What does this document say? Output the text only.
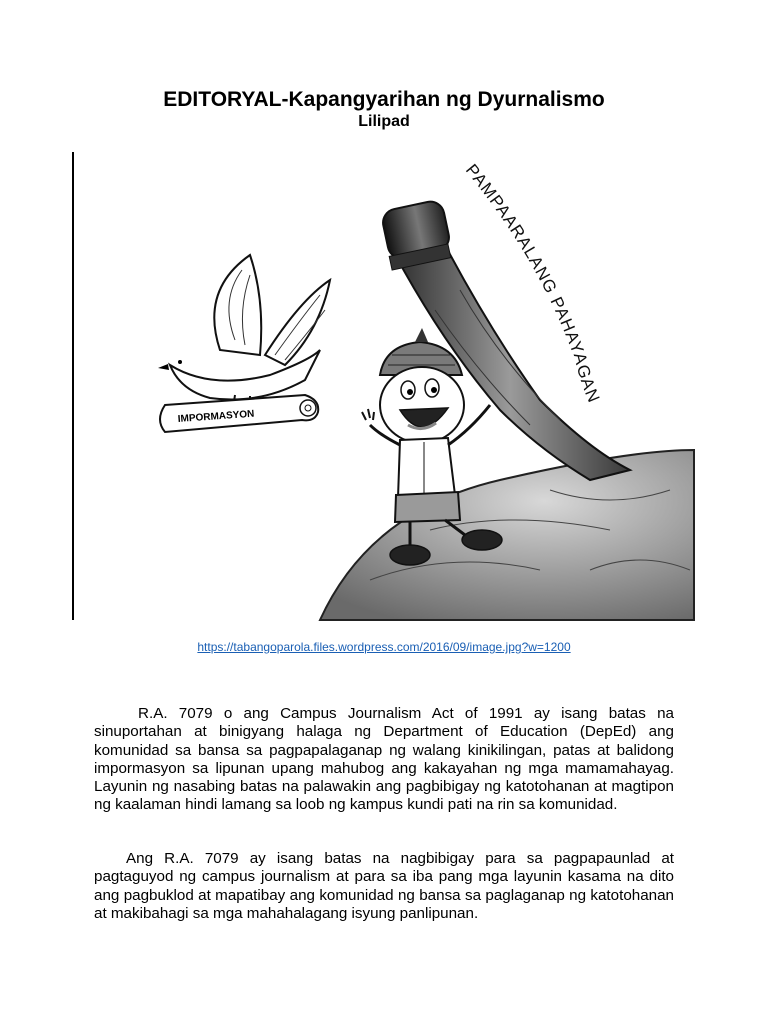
EDITORYAL-Kapangyarihan ng Dyurnalismo
Lilipad
PAMPAARALANG PAHAYAGAN
IMPORMASYON
https://tabangoparola.files.wordpress.com/2016/09/image.jpg?w=1200

R.A. 7079 o ang Campus Journalism Act of 1991 ay isang batas na sinuportahan at binigyang halaga ng Department of Education (DepEd) ang komunidad sa bansa sa pagpapalaganap ng walang kinikilingan, patas at balidong impormasyon sa lipunan upang mahubog ang kakayahan ng mga mamamahayag. Layunin ng nasabing batas na palawakin ang pagbibigay ng katotohanan at magtipon ng kaalaman hindi lamang sa loob ng kampus kundi pati na rin sa komunidad.

Ang R.A. 7079 ay isang batas na nagbibigay para sa pagpapaunlad at pagtaguyod ng campus journalism at para sa iba pang mga layunin kasama na dito ang pagbuklod at mapatibay ang komunidad ng bansa sa paglaganap ng katotohanan at makibahagi sa mga mahahalagang isyung panlipunan.
